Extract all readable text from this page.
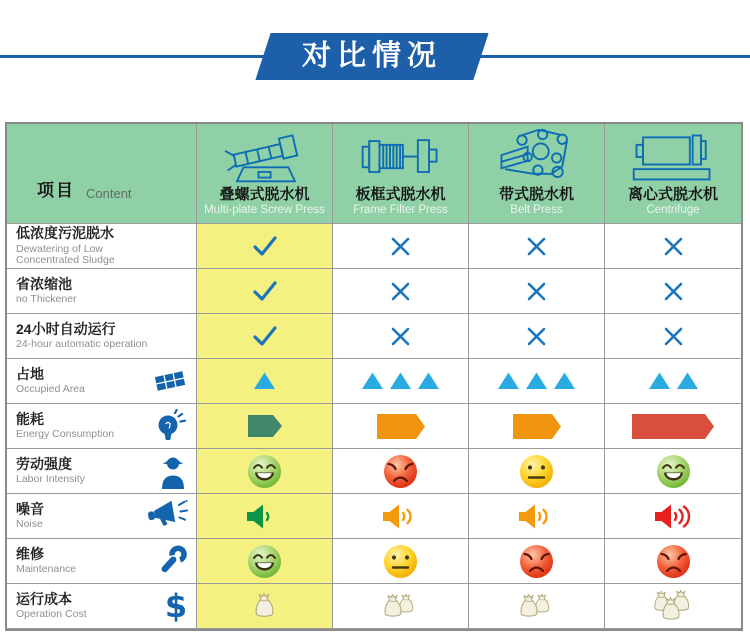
对比情况
项目 Content	叠螺式脱水机
Multi-plate Screw Press
板框式脱水机
Frame Filter Press
带式脱水机
Belt Press
离心式脱水机
Centrifuge
低浓度污泥脱水
Dewatering of Low Concentrated Sludge
省浓缩池
no Thickener
24小时自动运行
24-hour automatic operation
占地
Occupied Area
能耗
Energy Consumption
劳动强度
Labor Intensity
噪音
Noise
维修
Maintenance
运行成本
Operation Cost $
